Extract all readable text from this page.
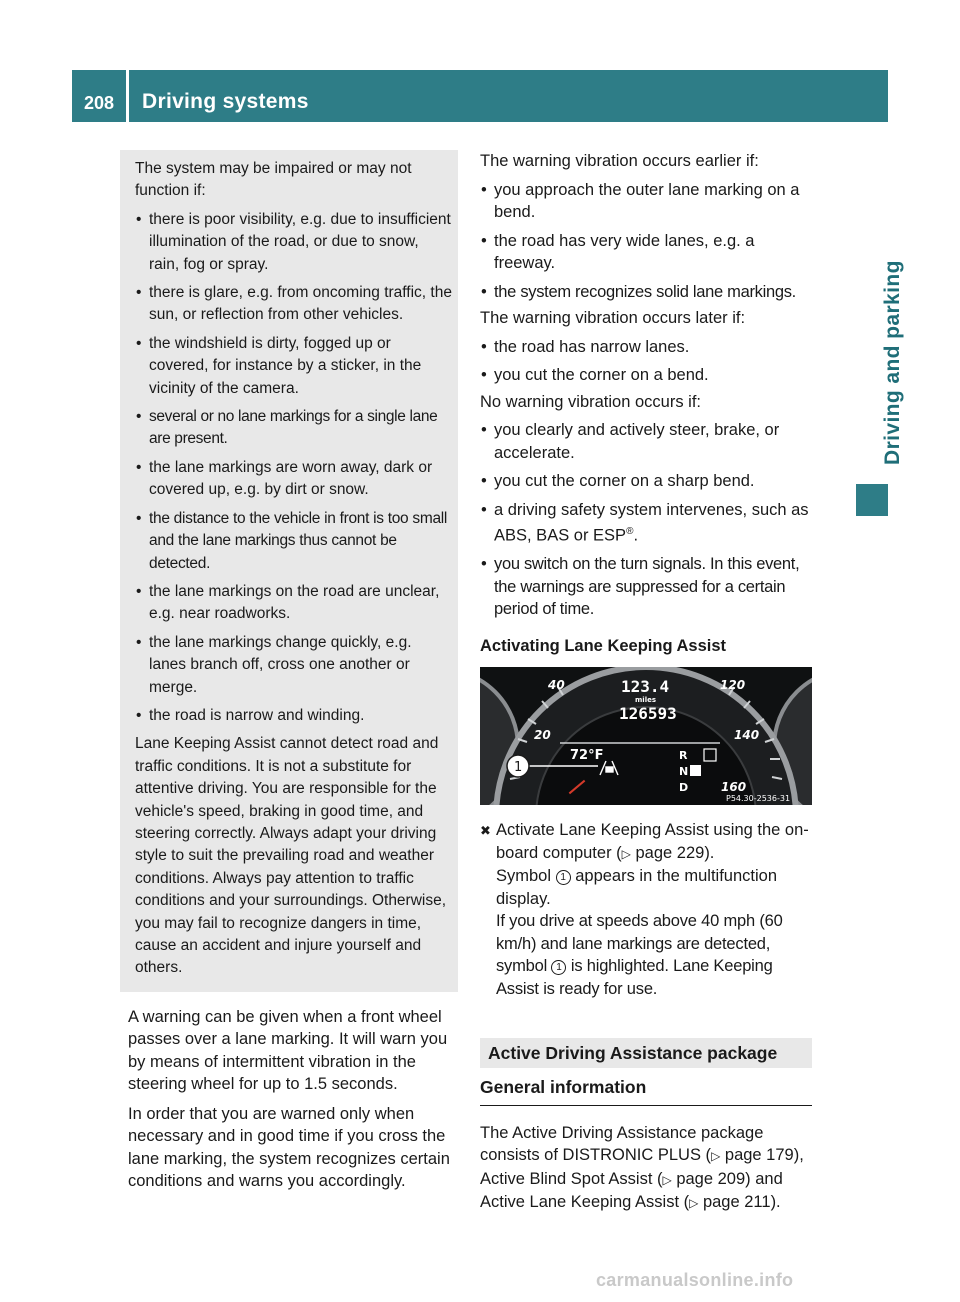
208	Driving systems
Driving and parking

The system may be impaired or may not function if:

• there is poor visibility, e.g. due to insufficient illumination of the road, or due to snow, rain, fog or spray.
• there is glare, e.g. from oncoming traffic, the sun, or reflection from other vehicles.
• the windshield is dirty, fogged up or covered, for instance by a sticker, in the vicinity of the camera.
• several or no lane markings for a single lane are present.
• the lane markings are worn away, dark or covered up, e.g. by dirt or snow.
• the distance to the vehicle in front is too small and the lane markings thus cannot be detected.
• the lane markings on the road are unclear, e.g. near roadworks.
• the lane markings change quickly, e.g. lanes branch off, cross one another or merge.
• the road is narrow and winding.

Lane Keeping Assist cannot detect road and traffic conditions. It is not a substitute for attentive driving. You are responsible for the vehicle's speed, braking in good time, and steering correctly. Always adapt your driving style to suit the prevailing road and weather conditions. Always pay attention to traffic conditions and your surroundings. Otherwise, you may fail to recognize dangers in time, cause an accident and injure yourself and others.

A warning can be given when a front wheel passes over a lane marking. It will warn you by means of intermittent vibration in the steering wheel for up to 1.5 seconds.

In order that you are warned only when necessary and in good time if you cross the lane marking, the system recognizes certain conditions and warns you accordingly.

The warning vibration occurs earlier if:

• you approach the outer lane marking on a bend.
• the road has very wide lanes, e.g. a freeway.
• the system recognizes solid lane markings.

The warning vibration occurs later if:

• the road has narrow lanes.
• you cut the corner on a bend.

No warning vibration occurs if:

• you clearly and actively steer, brake, or accelerate.
• you cut the corner on a sharp bend.
• a driving safety system intervenes, such as ABS, BAS or ESP®.
• you switch on the turn signals. In this event, the warnings are suppressed for a certain period of time.
Activating Lane Keeping Assist
20
40	120
140
160
123.4
miles
126593
72°F	R
N
D
1
P54.30-2536-31
✖ Activate Lane Keeping Assist using the on-board computer (▷ page 229).

Symbol 1 appears in the multifunction display.

If you drive at speeds above 40 mph (60 km/h) and lane markings are detected, symbol 1 is highlighted. Lane Keeping Assist is ready for use.

Active Driving Assistance package
General information

The Active Driving Assistance package consists of DISTRONIC PLUS (▷ page 179), Active Blind Spot Assist (▷ page 209) and Active Lane Keeping Assist (▷ page 211).

carmanualsonline.info
